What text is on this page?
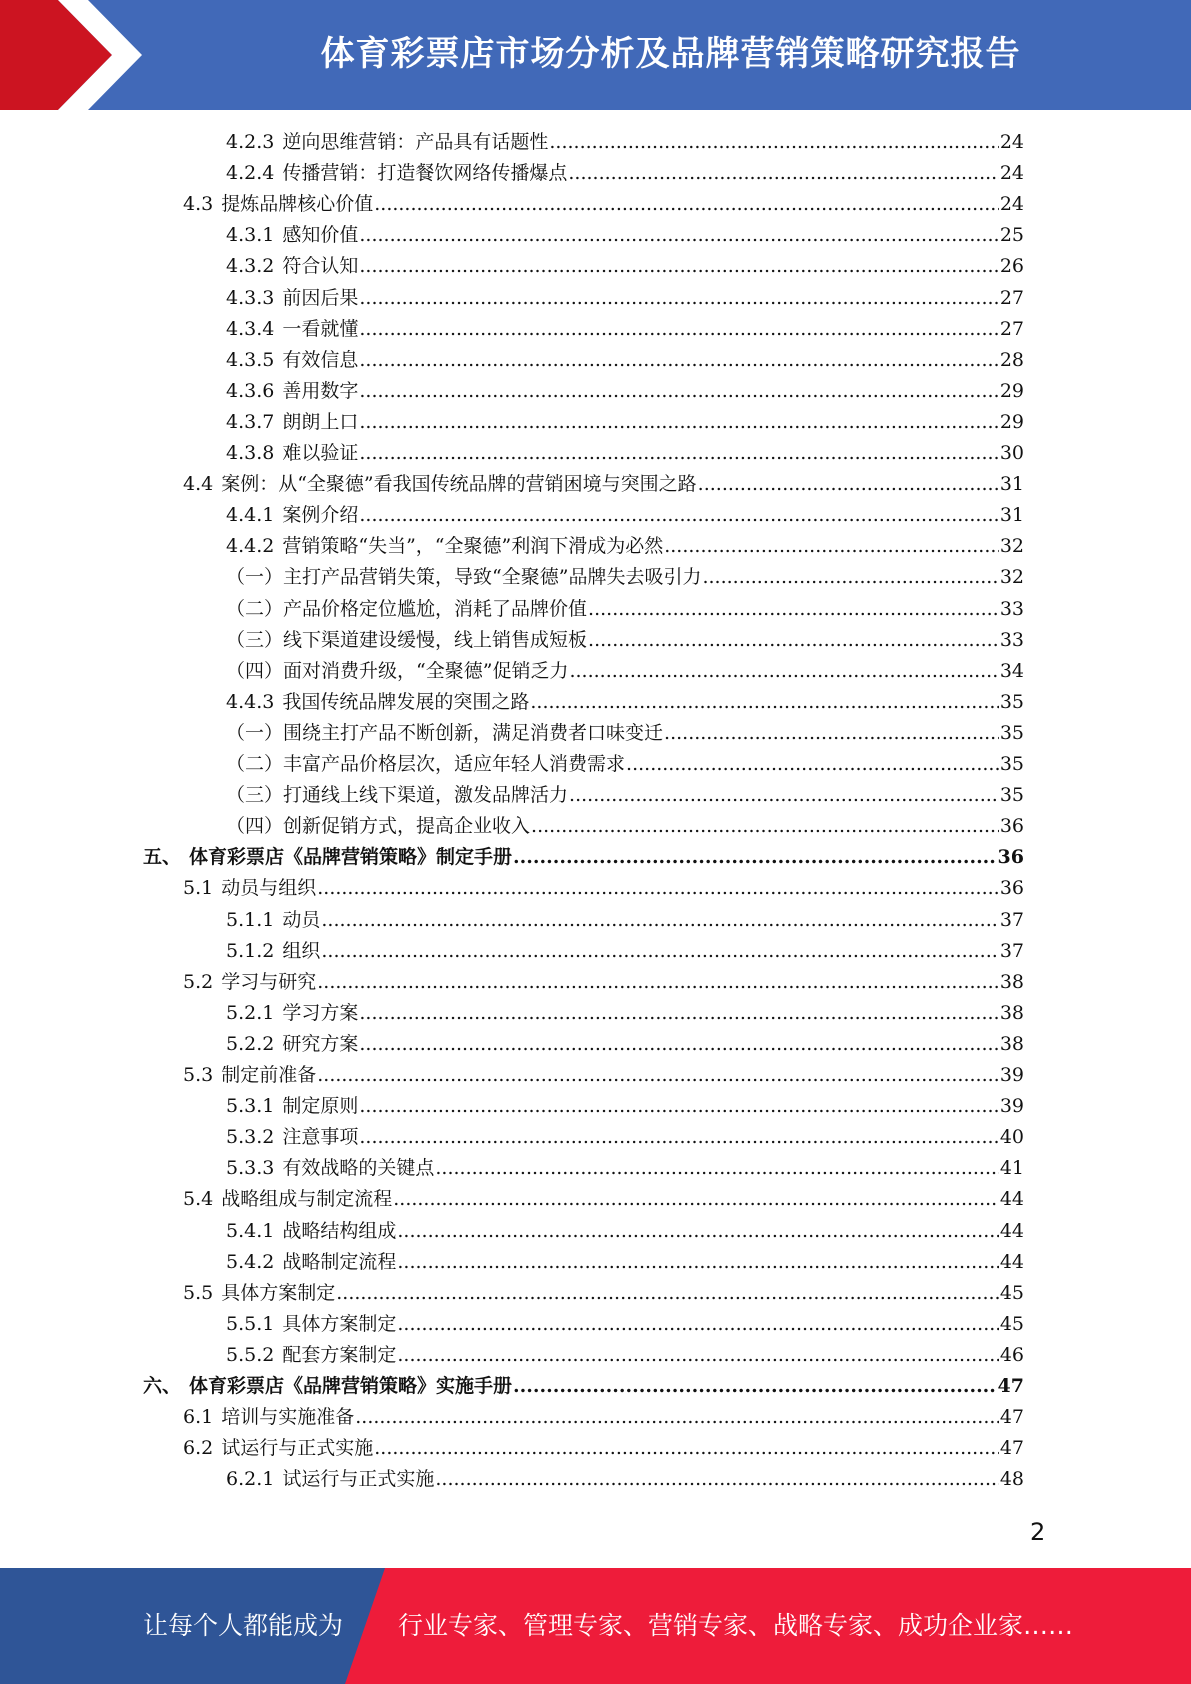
体育彩票店市场分析及品牌营销策略研究报告
4.2.3 逆向思维营销：产品具有话题性 .....	24
4.2.4 传播营销：打造餐饮网络传播爆点 .....	24
4.3 提炼品牌核心价值 .....	24
4.3.1 感知价值 .....	25
4.3.2 符合认知 .....	26
4.3.3 前因后果 .....	27
4.3.4 一看就懂 .....	27
4.3.5 有效信息 .....	28
4.3.6 善用数字 .....	29
4.3.7 朗朗上口 .....	29
4.3.8 难以验证 .....	30
4.4 案例：从“全聚德”看我国传统品牌的营销困境与突围之路 .....	31
4.4.1 案例介绍 .....	31
4.4.2 营销策略“失当”，“全聚德”利润下滑成为必然 .....	32
（一） 主打产品营销失策，导致“全聚德”品牌失去吸引力 .....	32
（二） 产品价格定位尴尬，消耗了品牌价值 .....	33
（三） 线下渠道建设缓慢，线上销售成短板 .....	33
（四） 面对消费升级，“全聚德”促销乏力 .....	34
4.4.3 我国传统品牌发展的突围之路 .....	35
（一） 围绕主打产品不断创新，满足消费者口味变迁 .....	35
（二） 丰富产品价格层次，适应年轻人消费需求 .....	35
（三） 打通线上线下渠道，激发品牌活力 .....	35
（四） 创新促销方式，提高企业收入 .....	36
五、 体育彩票店《品牌营销策略》制定手册 .....	36
5.1 动员与组织 .....	36
5.1.1 动员 .....	37
5.1.2 组织 .....	37
5.2 学习与研究 .....	38
5.2.1 学习方案 .....	38
5.2.2 研究方案 .....	38
5.3 制定前准备 .....	39
5.3.1 制定原则 .....	39
5.3.2 注意事项 .....	40
5.3.3 有效战略的关键点 .....	41
5.4 战略组成与制定流程 .....	44
5.4.1 战略结构组成 .....	44
5.4.2 战略制定流程 .....	44
5.5 具体方案制定 .....	45
5.5.1 具体方案制定 .....	45
5.5.2 配套方案制定 .....	46
六、 体育彩票店《品牌营销策略》实施手册 .....	47
6.1 培训与实施准备 .....	47
6.2 试运行与正式实施 .....	47
6.2.1 试运行与正式实施 .....	48
2
让每个人都能成为 行业专家、管理专家、营销专家、战略专家、成功企业家……
